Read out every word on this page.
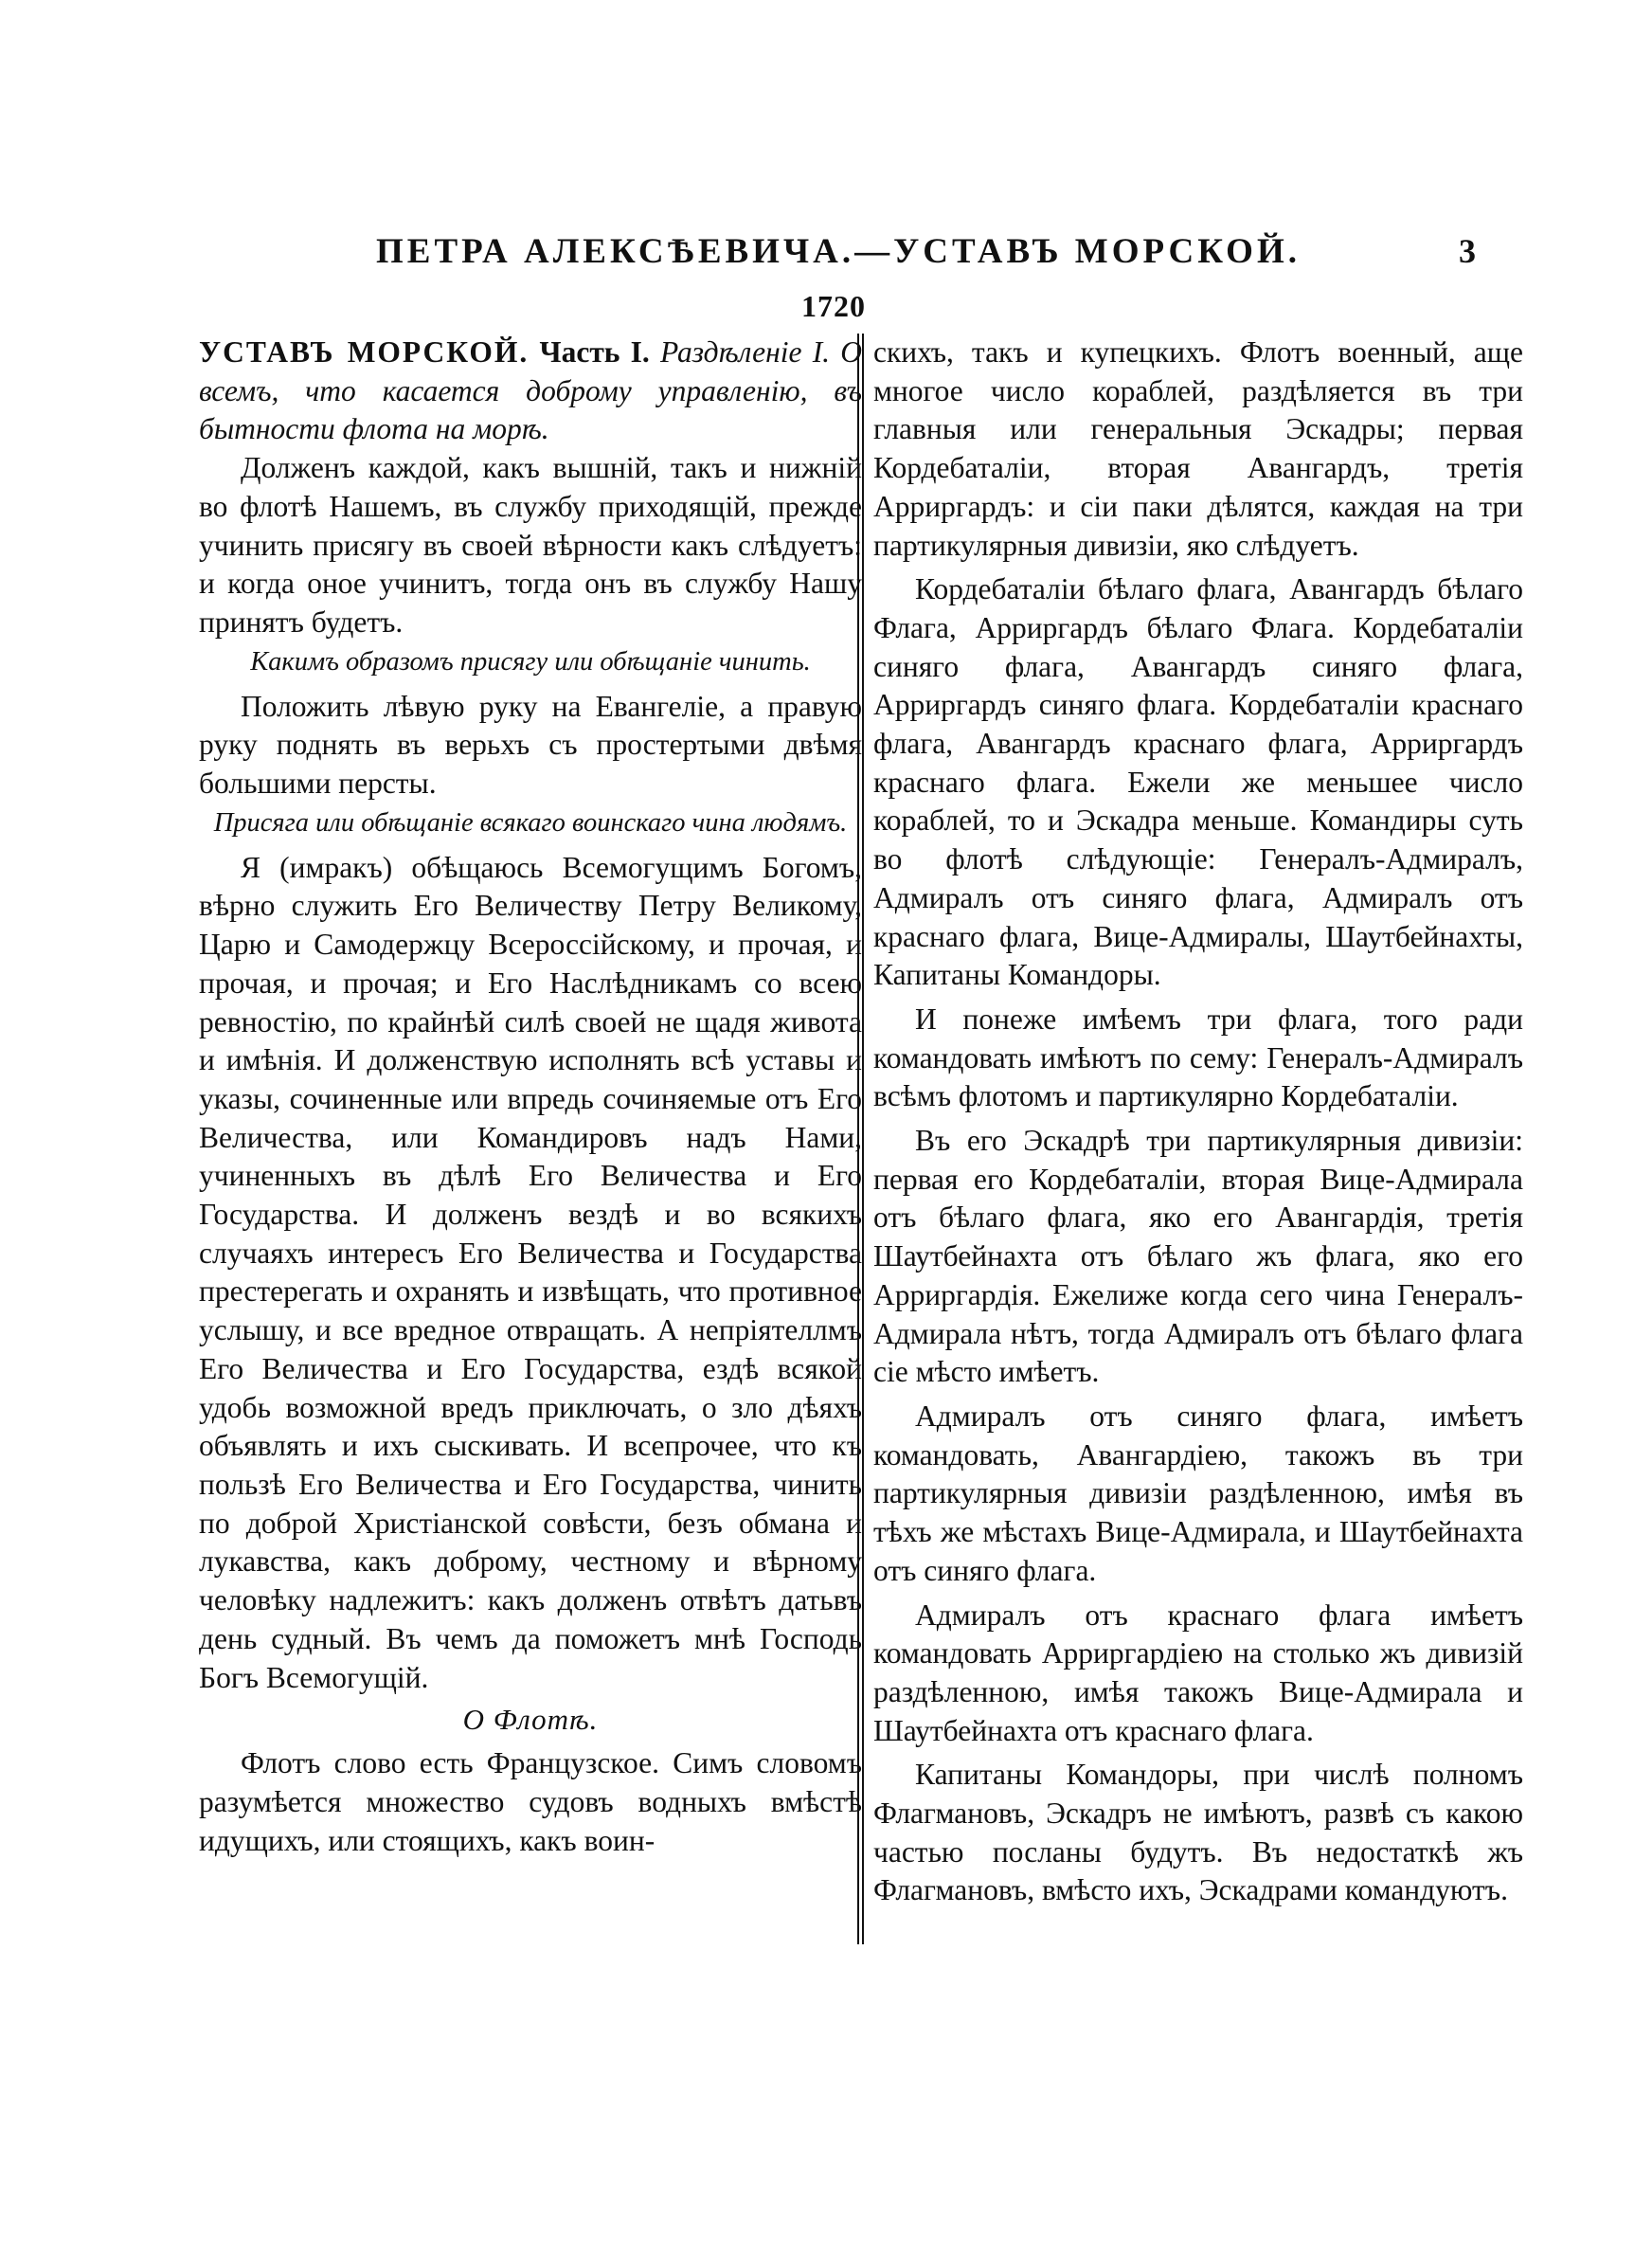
ПЕТРА АЛЕКСѢЕВИЧА.—УСТАВЪ МОРСКОЙ.	3
1720

УСТАВЪ МОРСКОЙ. Часть I. Раздѣленіе I. О всемъ, что касается доброму управленію, въ бытности флота на морѣ.

Долженъ каждой, какъ вышній, такъ и нижній во флотѣ Нашемъ, въ службу приходящій, прежде учинить присягу въ своей вѣрности какъ слѣдуетъ: и когда оное учинитъ, тогда онъ въ службу Нашу принятъ будетъ.

Какимъ образомъ присягу или обѣщаніе чинить.

Положить лѣвую руку на Евангеліе, а правую руку поднять въ верьхъ съ простертыми двѣмя большими персты.

Присяга или обѣщаніе всякаго воинскаго чина людямъ.

Я (имракъ) обѣщаюсь Всемогущимъ Богомъ, вѣрно служить Его Величеству Петру Великому, Царю и Самодержцу Всероссійскому, и прочая, и прочая, и прочая; и Его Наслѣдникамъ со всею ревностію, по крайнѣй силѣ своей не щадя живота и имѣнія. И долженствую исполнять всѣ уставы и указы, сочиненные или впредь сочиняемые отъ Его Величества, или Командировъ надъ Нами, учиненныхъ въ дѣлѣ Его Величества и Его Государства. И долженъ вездѣ и во всякихъ случаяхъ интересъ Его Величества и Государства престерегать и охранять и извѣщать, что противное услышу, и все вредное отвращать. А непріятеллмъ Его Величества и Его Государства, ездѣ всякой удобь возможной вредъ приключать, о зло дѣяхъ объявлять и ихъ сыскивать. И всепрочее, что къ пользѣ Его Величества и Его Государства, чинить по доброй Христіанской совѣсти, безъ обмана и лукавства, какъ доброму, честному и вѣрному человѣку надлежитъ: какъ долженъ отвѣтъ датьвъ день судный. Въ чемъ да поможетъ мнѣ Господь Богъ Всемогущій.

О Флотѣ.

Флотъ слово есть Французское. Симъ словомъ разумѣется множество судовъ водныхъ вмѣстѣ идущихъ, или стоящихъ, какъ воин-

скихъ, такъ и купецкихъ. Флотъ военный, аще многое число кораблей, раздѣляется въ три главныя или генеральныя Эскадры; первая Кордебаталіи, вторая Авангардъ, третія Арриргардъ: и сіи паки дѣлятся, каждая на три партикулярныя дивизіи, яко слѣдуетъ.

Кордебаталіи бѣлаго флага, Авангардъ бѣлаго Флага, Арриргардъ бѣлаго Флага. Кордебаталіи синяго флага, Авангардъ синяго флага, Арриргардъ синяго флага. Кордебаталіи краснаго флага, Авангардъ краснаго флага, Арриргардъ краснаго флага. Ежели же меньшее число кораблей, то и Эскадра меньше. Командиры суть во флотѣ слѣдующіе: Генералъ-Адмиралъ, Адмиралъ отъ синяго флага, Адмиралъ отъ краснаго флага, Вице-Адмиралы, Шаутбейнахты, Капитаны Командоры.

И понеже имѣемъ три флага, того ради командовать имѣютъ по сему: Генералъ-Адмиралъ всѣмъ флотомъ и партикулярно Кордебаталіи.

Въ его Эскадрѣ три партикулярныя дивизіи: первая его Кордебаталіи, вторая Вице-Адмирала отъ бѣлаго флага, яко его Авангардія, третія Шаутбейнахта отъ бѣлаго жъ флага, яко его Арриргардія. Ежелиже когда сего чина Генералъ-Адмирала нѣтъ, тогда Адмиралъ отъ бѣлаго флага сіе мѣсто имѣетъ.

Адмиралъ отъ синяго флага, имѣетъ командовать, Авангардіею, такожъ въ три партикулярныя дивизіи раздѣленною, имѣя въ тѣхъ же мѣстахъ Вице-Адмирала, и Шаутбейнахта отъ синяго флага.

Адмиралъ отъ краснаго флага имѣетъ командовать Арриргардіею на столько жъ дивизій раздѣленною, имѣя такожъ Вице-Адмирала и Шаутбейнахта отъ краснаго флага.

Капитаны Командоры, при числѣ полномъ Флагмановъ, Эскадръ не имѣютъ, развѣ съ какою частью посланы будутъ. Въ недостаткѣ жъ Флагмановъ, вмѣсто ихъ, Эскадрами командуютъ.
